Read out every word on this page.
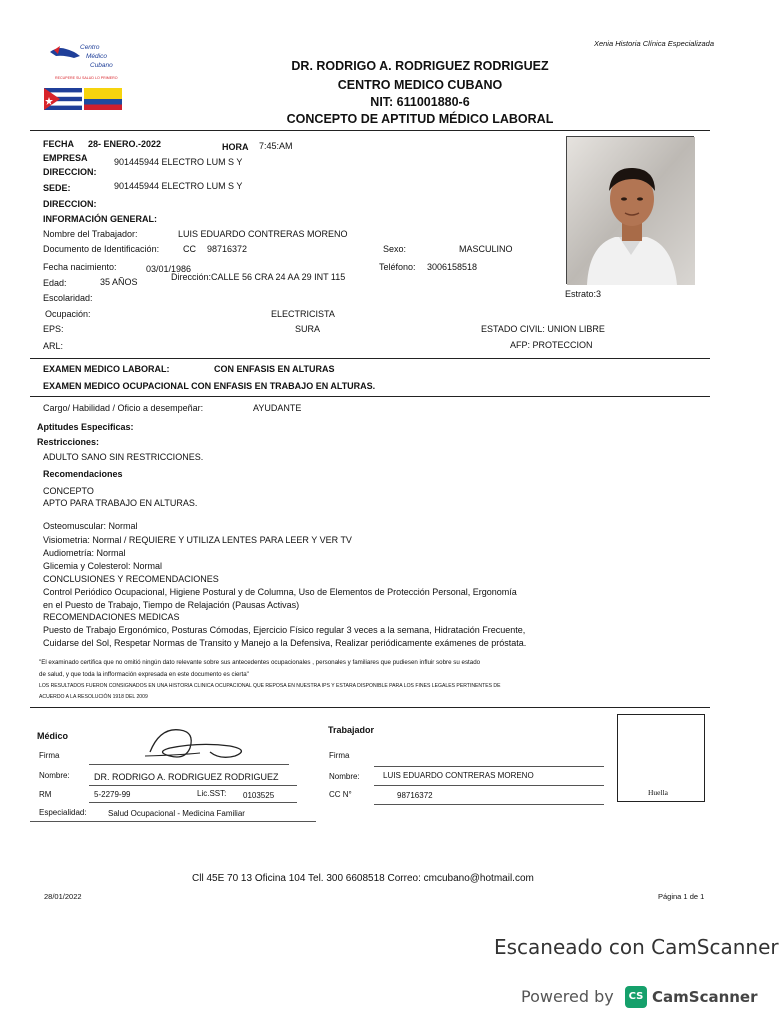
Centro
Médico
Cubano
RECUPERE SU SALUD LO PRIMERO
Xenia Historia Clínica Especializada
DR. RODRIGO A. RODRIGUEZ RODRIGUEZ
CENTRO MEDICO CUBANO
NIT: 611001880-6
CONCEPTO DE APTITUD MÉDICO LABORAL
FECHA 28- ENERO.-2022	HORA 7:45:AM
EMPRESA	901445944 ELECTRO LUM S Y
DIRECCION:
SEDE:	901445944 ELECTRO LUM S Y
DIRECCION:
INFORMACIÓN GENERAL:
Nombre del Trabajador:	LUIS EDUARDO CONTRERAS MORENO
Documento de Identificación:	CC 98716372	Sexo:	MASCULINO
Fecha nacimiento:	03/01/1986	Teléfono: 3006158518
Edad:	35 AÑOS	Dirección:CALLE 56 CRA 24 AA 29 INT 115
Escolaridad:	Estrato:3
Ocupación:	ELECTRICISTA
EPS:	SURA	ESTADO CIVIL: UNION LIBRE
ARL:	AFP: PROTECCION
EXAMEN MEDICO LABORAL:	CON ENFASIS EN ALTURAS
EXAMEN MEDICO OCUPACIONAL CON ENFASIS EN TRABAJO EN ALTURAS.
Cargo/ Habilidad / Oficio a desempeñar:	AYUDANTE
Aptitudes Especificas:
Restricciones:
ADULTO SANO SIN RESTRICCIONES.
Recomendaciones
CONCEPTO
APTO PARA TRABAJO EN ALTURAS.
Osteomuscular: Normal
Visiometria: Normal / REQUIERE Y UTILIZA LENTES PARA LEER Y VER TV
Audiometría: Normal
Glicemia y Colesterol: Normal
CONCLUSIONES Y RECOMENDACIONES
Control Periódico Ocupacional, Higiene Postural y de Columna, Uso de Elementos de Protección Personal, Ergonomía
en el Puesto de Trabajo, Tiempo de Relajación (Pausas Activas)
RECOMENDACIONES MEDICAS
Puesto de Trabajo Ergonómico, Posturas Cómodas, Ejercicio Físico regular 3 veces a la semana, Hidratación Frecuente,
Cuidarse del Sol, Respetar Normas de Transito y Manejo a la Defensiva, Realizar periódicamente exámenes de próstata.
"El examinado certifica que no omitió ningún dato relevante sobre sus antecedentes ocupacionales , personales y familiares que pudiesen influir sobre su estado
de salud, y que toda la infformación expresada en este documento es cierta"
LOS RESULTADOS FUERON CONSIGNADOS EN UNA HISTORIA CLINICA OCUPACIONAL QUE REPOSA EN NUESTRA IPS Y ESTARA DISPONIBLE PARA LOS FINES LEGALES PERTINENTES DE
ACUERDO A LA RESOLUCIÓN 1918 DEL 2009
Médico
Firma
Nombre:	DR. RODRIGO A. RODRIGUEZ RODRIGUEZ
RM	5-2279-99	Lic.SST: 0103525
Especialidad:	Salud Ocupacional - Medicina Familiar
Trabajador
Firma
Nombre:	LUIS EDUARDO CONTRERAS MORENO
CC N°	98716372	Huella
Cll 45E 70 13 Oficina 104 Tel. 300 6608518 Correo: cmcubano@hotmail.com
28/01/2022	Página 1 de 1
Escaneado con CamScanner
Powered by	CS CamScanner
